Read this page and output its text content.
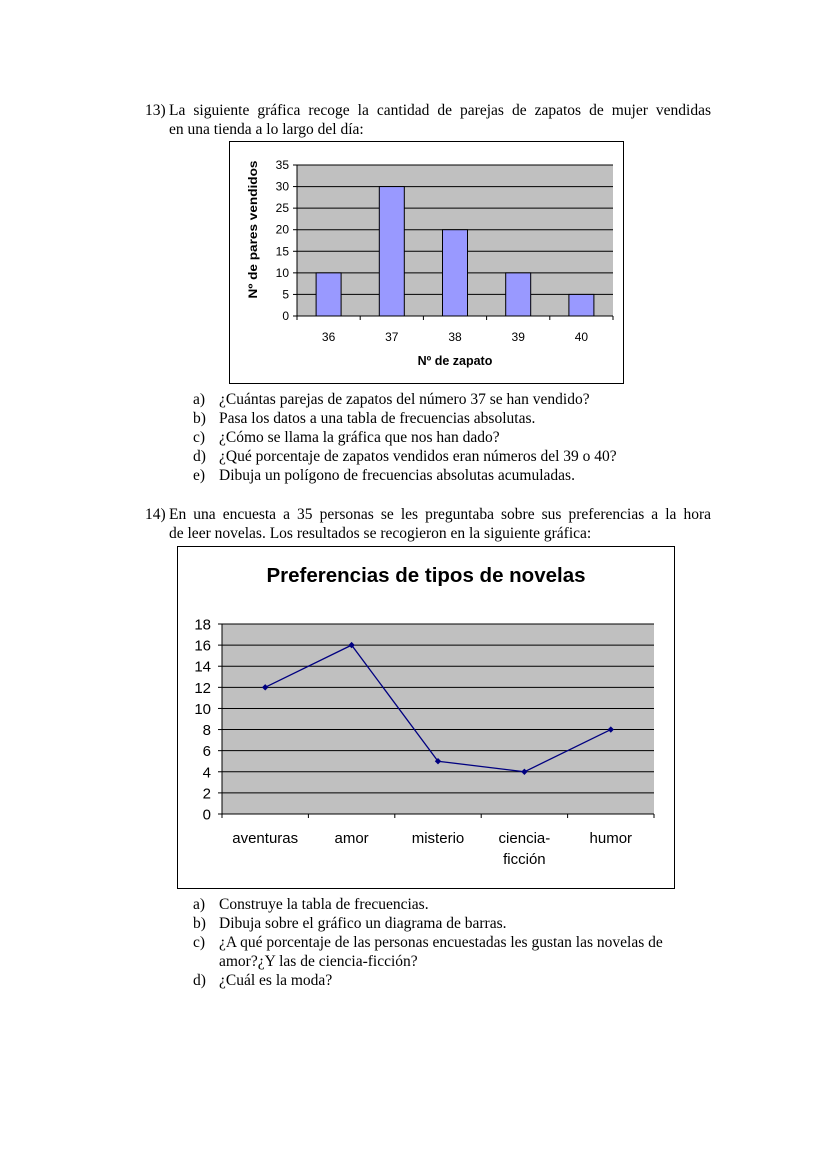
13) La siguiente gráfica recoge la cantidad de parejas de zapatos de mujer vendidas
en una tienda a lo largo del día:
0
5
10
15
20
25
30
35
36	37	38	39	40
Nº de zapato
Nº de pares vendidos
a) ¿Cuántas parejas de zapatos del número 37 se han vendido?
b) Pasa los datos a una tabla de frecuencias absolutas.
c) ¿Cómo se llama la gráfica que nos han dado?
d) ¿Qué porcentaje de zapatos vendidos eran números del 39 o 40?
e) Dibuja un polígono de frecuencias absolutas acumuladas.
14) En una encuesta a 35 personas se les preguntaba sobre sus preferencias a la hora
de leer novelas. Los resultados se recogieron en la siguiente gráfica:
Preferencias de tipos de novelas
0
2
4
6
8
10
12
14
16
18
aventuras amor	misterio ciencia-
ficción
humor
a) Construye la tabla de frecuencias.
b) Dibuja sobre el gráfico un diagrama de barras.
c) ¿A qué porcentaje de las personas encuestadas les gustan las novelas de
amor?¿Y las de ciencia-ficción?
d) ¿Cuál es la moda?
